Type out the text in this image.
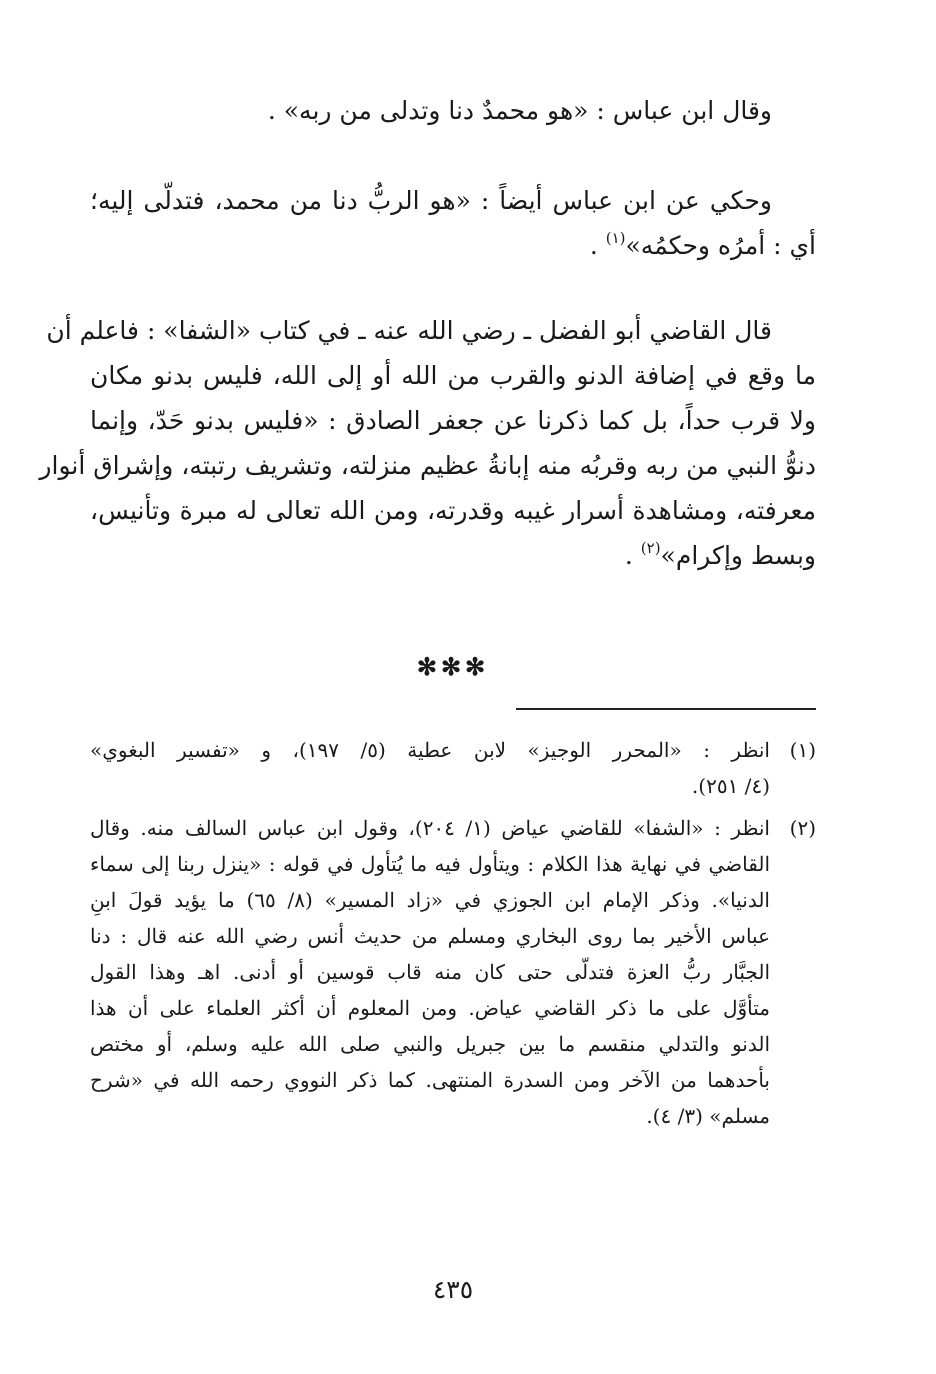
وقال ابن عباس : «هو محمدٌ دنا وتدلى من ربه» .
وحكي عن ابن عباس أيضاً : «هو الربُّ دنا من محمد، فتدلّى إليه؛
أي : أمرُه وحكمُه»$^{(١)}$ .
قال القاضي أبو الفضل ـ رضي الله عنه ـ في كتاب «الشفا» : فاعلم أن
ما وقع في إضافة الدنو والقرب من الله أو إلى الله، فليس بدنو مكان
ولا قرب حداً، بل كما ذكرنا عن جعفر الصادق : «فليس بدنو حَدّ، وإنما
دنوُّ النبي من ربه وقربُه منه إبانةُ عظيم منزلته، وتشريف رتبته، وإشراق أنوار
معرفته، ومشاهدة أسرار غيبه وقدرته، ومن الله تعالى له مبرة وتأنيس،
وبسط وإكرام»$^{(٢)}$ .
✻✻✻
(١)
انظر : «المحرر الوجيز» لابن عطية (٥/ ١٩٧)، و «تفسير البغوي»
(٤/ ٢٥١).
(٢)
انظر : «الشفا» للقاضي عياض (١/ ٢٠٤)، وقول ابن عباس السالف منه. وقال
القاضي في نهاية هذا الكلام : ويتأول فيه ما يُتأول في قوله : «ينزل ربنا إلى سماء
الدنيا». وذكر الإمام ابن الجوزي في «زاد المسير» (٨/ ٦٥) ما يؤيد قولَ ابنِ
عباس الأخير بما روى البخاري ومسلم من حديث أنس رضي الله عنه قال : دنا
الجبَّار ربُّ العزة فتدلّى حتى كان منه قاب قوسين أو أدنى. اهـ وهذا القول
متأوَّل على ما ذكر القاضي عياض. ومن المعلوم أن أكثر العلماء على أن هذا
الدنو والتدلي منقسم ما بين جبريل والنبي صلى الله عليه وسلم، أو مختص
بأحدهما من الآخر ومن السدرة المنتهى. كما ذكر النووي رحمه الله في «شرح
مسلم» (٣/ ٤).
٤٣٥
